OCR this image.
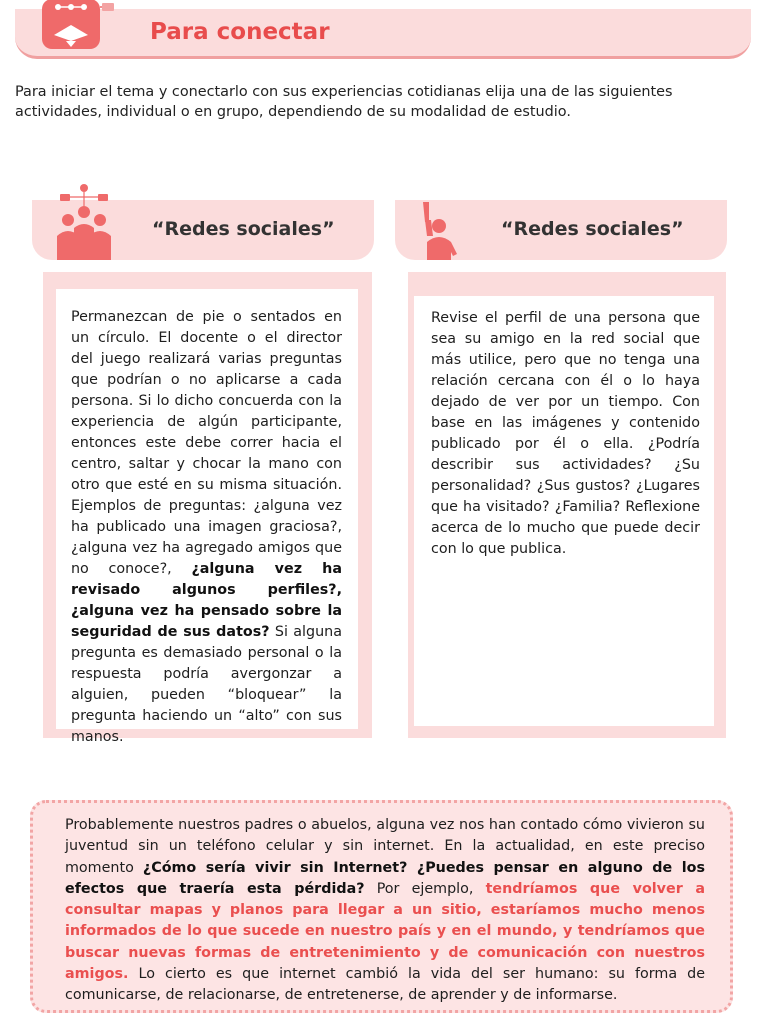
Para conectar
Para iniciar el tema y conectarlo con sus experiencias cotidianas elija una de las siguientes actividades, individual o en grupo, dependiendo de su modalidad de estudio.
“Redes sociales”	“Redes sociales”

Permanezcan de pie o sentados en un círculo. El docente o el director del juego realizará varias preguntas que podrían o no aplicarse a cada persona. Si lo dicho concuerda con la experiencia de algún participante, entonces este debe correr hacia el centro, saltar y chocar la mano con otro que esté en su misma situación. Ejemplos de preguntas: ¿alguna vez ha publicado una imagen graciosa?, ¿alguna vez ha agregado amigos que no conoce?, ¿alguna vez ha revisado algunos perfiles?, ¿alguna vez ha pensado sobre la seguridad de sus datos? Si alguna pregunta es demasiado personal o la respuesta podría avergonzar a alguien, pueden “bloquear” la pregunta haciendo un “alto” con sus manos.

Revise el perfil de una persona que sea su amigo en la red social que más utilice, pero que no tenga una relación cercana con él o lo haya dejado de ver por un tiempo. Con base en las imágenes y contenido publicado por él o ella. ¿Podría describir sus actividades? ¿Su personalidad? ¿Sus gustos? ¿Lugares que ha visitado? ¿Familia? Reflexione acerca de lo mucho que puede decir con lo que publica.

Probablemente nuestros padres o abuelos, alguna vez nos han contado cómo vivieron su juventud sin un teléfono celular y sin internet. En la actualidad, en este preciso momento ¿Cómo sería vivir sin Internet? ¿Puedes pensar en alguno de los efectos que traería esta pérdida? Por ejemplo, tendríamos que volver a consultar mapas y planos para llegar a un sitio, estaríamos mucho menos informados de lo que sucede en nuestro país y en el mundo, y tendríamos que buscar nuevas formas de entretenimiento y de comunicación con nuestros amigos. Lo cierto es que internet cambió la vida del ser humano: su forma de comunicarse, de relacionarse, de entretenerse, de aprender y de informarse.
